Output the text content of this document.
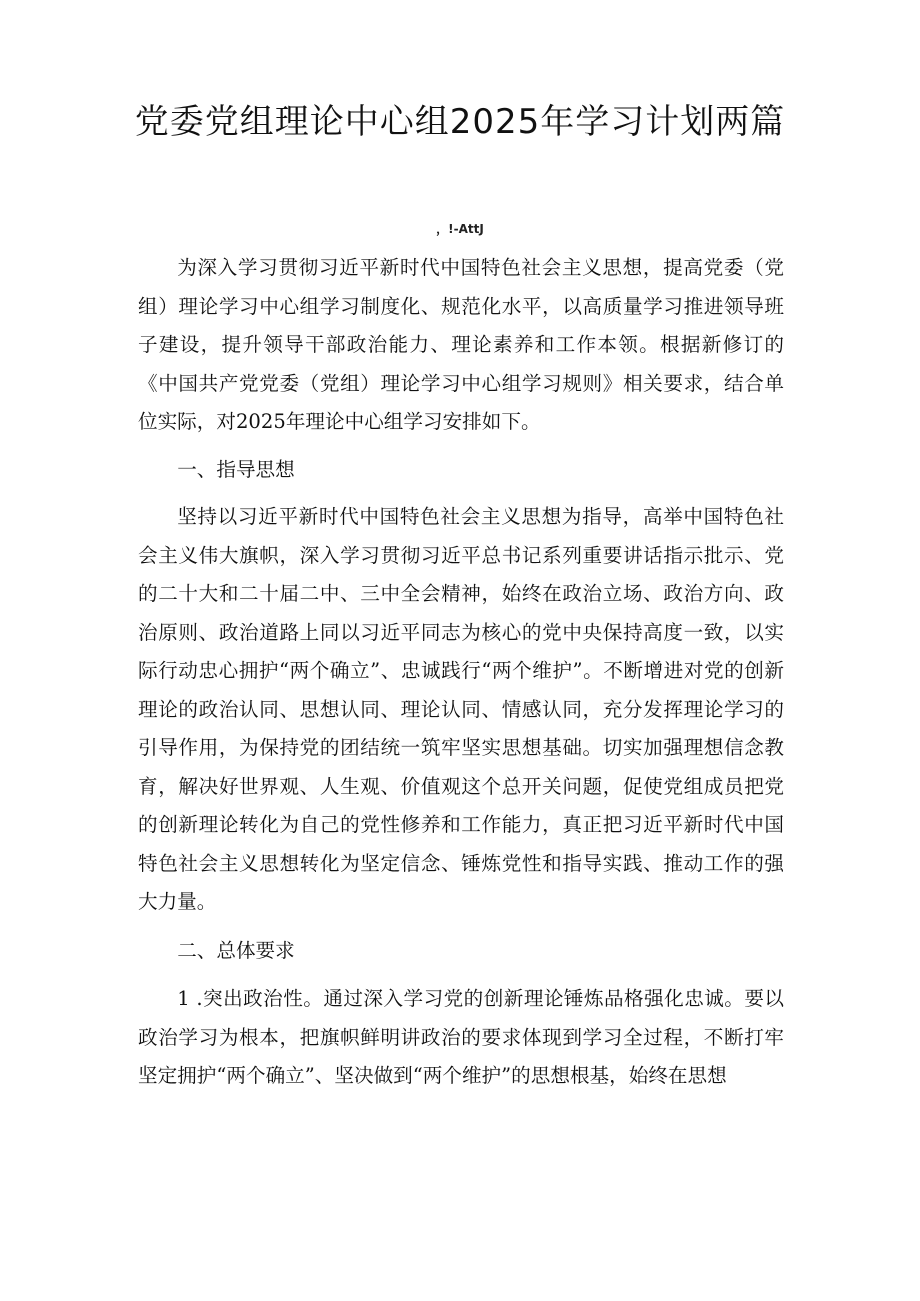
党委党组理论中心组2025年学习计划两篇
，!-AttJ

为深入学习贯彻习近平新时代中国特色社会主义思想，提高党委（党组）理论学习中心组学习制度化、规范化水平，以高质量学习推进领导班子建设，提升领导干部政治能力、理论素养和工作本领。根据新修订的《中国共产党党委（党组）理论学习中心组学习规则》相关要求，结合单位实际，对2025年理论中心组学习安排如下。

一、指导思想

坚持以习近平新时代中国特色社会主义思想为指导，高举中国特色社会主义伟大旗帜，深入学习贯彻习近平总书记系列重要讲话指示批示、党的二十大和二十届二中、三中全会精神，始终在政治立场、政治方向、政治原则、政治道路上同以习近平同志为核心的党中央保持高度一致，以实际行动忠心拥护“两个确立”、忠诚践行“两个维护”。不断增进对党的创新理论的政治认同、思想认同、理论认同、情感认同，充分发挥理论学习的引导作用，为保持党的团结统一筑牢坚实思想基础。切实加强理想信念教育，解决好世界观、人生观、价值观这个总开关问题，促使党组成员把党的创新理论转化为自己的党性修养和工作能力，真正把习近平新时代中国特色社会主义思想转化为坚定信念、锤炼党性和指导实践、推动工作的强大力量。

二、总体要求

1 .突出政治性。通过深入学习党的创新理论锤炼品格强化忠诚。要以政治学习为根本，把旗帜鲜明讲政治的要求体现到学习全过程，不断打牢坚定拥护“两个确立”、坚决做到“两个维护”的思想根基，始终在思想
